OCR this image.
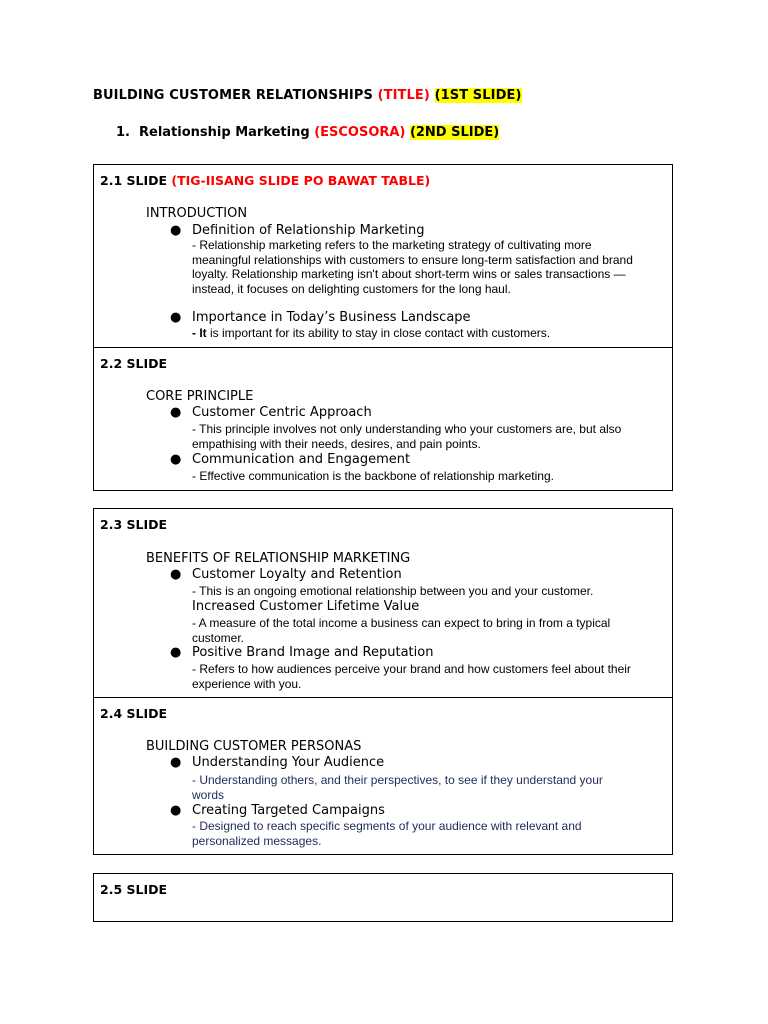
BUILDING CUSTOMER RELATIONSHIPS (TITLE) (1ST SLIDE)
1. Relationship Marketing (ESCOSORA) (2ND SLIDE)
2.1 SLIDE (TIG-IISANG SLIDE PO BAWAT TABLE)
INTRODUCTION
● Definition of Relationship Marketing
- Relationship marketing refers to the marketing strategy of cultivating more
meaningful relationships with customers to ensure long-term satisfaction and brand
loyalty. Relationship marketing isn't about short-term wins or sales transactions —
instead, it focuses on delighting customers for the long haul.
● Importance in Today’s Business Landscape
- It is important for its ability to stay in close contact with customers.
2.2 SLIDE
CORE PRINCIPLE
● Customer Centric Approach
- This principle involves not only understanding who your customers are, but also
empathising with their needs, desires, and pain points.
● Communication and Engagement
- Effective communication is the backbone of relationship marketing.
2.3 SLIDE
BENEFITS OF RELATIONSHIP MARKETING
● Customer Loyalty and Retention
- This is an ongoing emotional relationship between you and your customer.
Increased Customer Lifetime Value
- A measure of the total income a business can expect to bring in from a typical
customer.
● Positive Brand Image and Reputation
- Refers to how audiences perceive your brand and how customers feel about their
experience with you.
2.4 SLIDE
BUILDING CUSTOMER PERSONAS
● Understanding Your Audience
- Understanding others, and their perspectives, to see if they understand your
words
● Creating Targeted Campaigns
- Designed to reach specific segments of your audience with relevant and
personalized messages.
2.5 SLIDE
